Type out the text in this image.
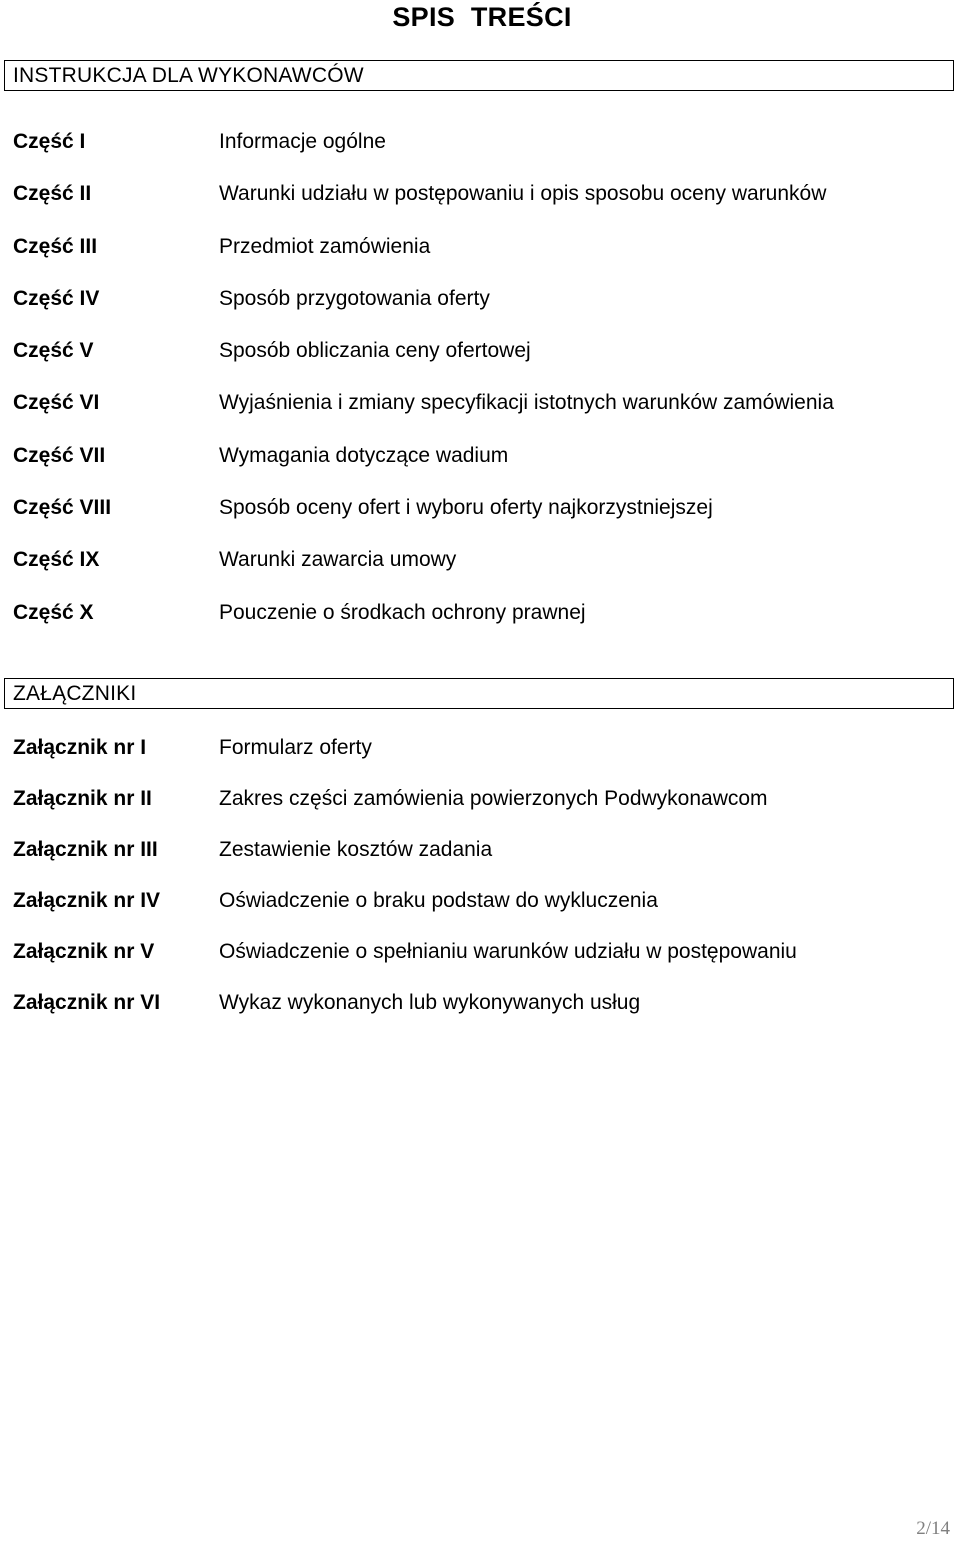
SPIS TREŚCI
INSTRUKCJA DLA WYKONAWCÓW
Część I	Informacje ogólne
Część II	Warunki udziału w postępowaniu i opis sposobu oceny warunków
Część III	Przedmiot zamówienia
Część IV	Sposób przygotowania oferty
Część V	Sposób obliczania ceny ofertowej
Część VI	Wyjaśnienia i zmiany specyfikacji istotnych warunków zamówienia
Część VII	Wymagania dotyczące wadium
Część VIII	Sposób oceny ofert i wyboru oferty najkorzystniejszej
Część IX	Warunki zawarcia umowy
Część X	Pouczenie o środkach ochrony prawnej
ZAŁĄCZNIKI
Załącznik nr I	Formularz oferty
Załącznik nr II	Zakres części zamówienia powierzonych Podwykonawcom
Załącznik nr III	Zestawienie kosztów zadania
Załącznik nr IV	Oświadczenie o braku podstaw do wykluczenia
Załącznik nr V	Oświadczenie o spełnianiu warunków udziału w postępowaniu
Załącznik nr VI	Wykaz wykonanych lub wykonywanych usług
2/14
